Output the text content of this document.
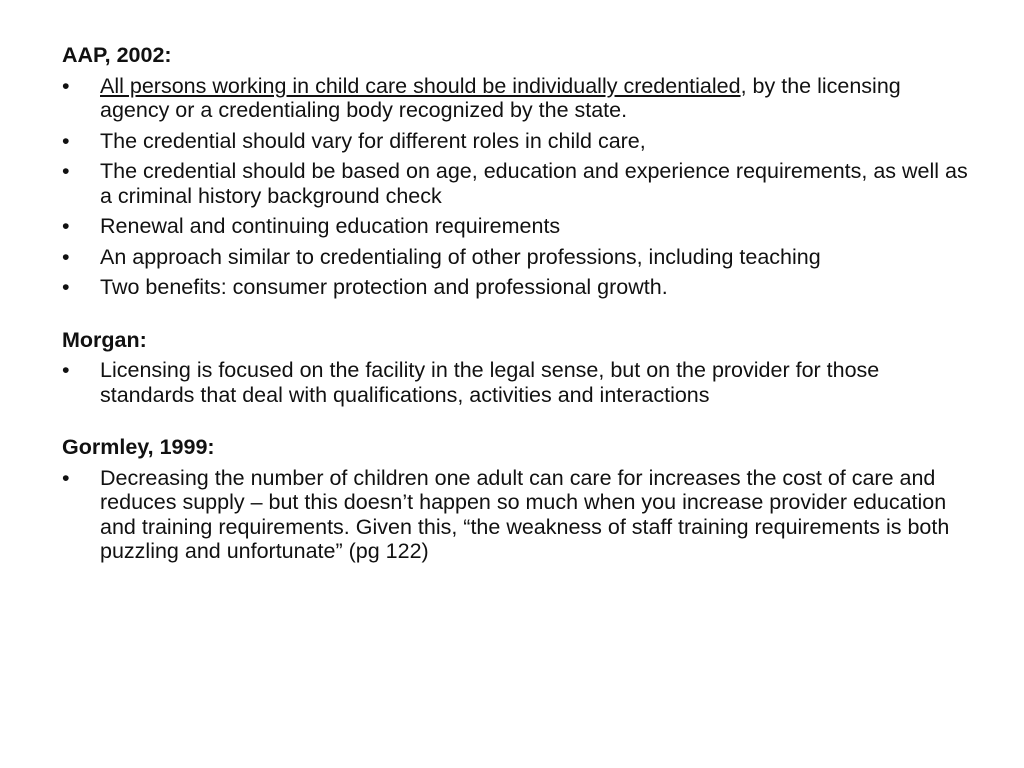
AAP, 2002:
• All persons working in child care should be individually credentialed, by the licensing agency or a credentialing body recognized by the state.
• The credential should vary for different roles in child care,
• The credential should be based on age, education and experience requirements, as well as a criminal history background check
• Renewal and continuing education requirements
• An approach similar to credentialing of other professions, including teaching
• Two benefits: consumer protection and professional growth.
Morgan:
• Licensing is focused on the facility in the legal sense, but on the provider for those standards that deal with qualifications, activities and interactions
Gormley, 1999:
• Decreasing the number of children one adult can care for increases the cost of care and reduces supply – but this doesn’t happen so much when you increase provider education and training requirements. Given this, “the weakness of staff training requirements is both puzzling and unfortunate” (pg 122)
